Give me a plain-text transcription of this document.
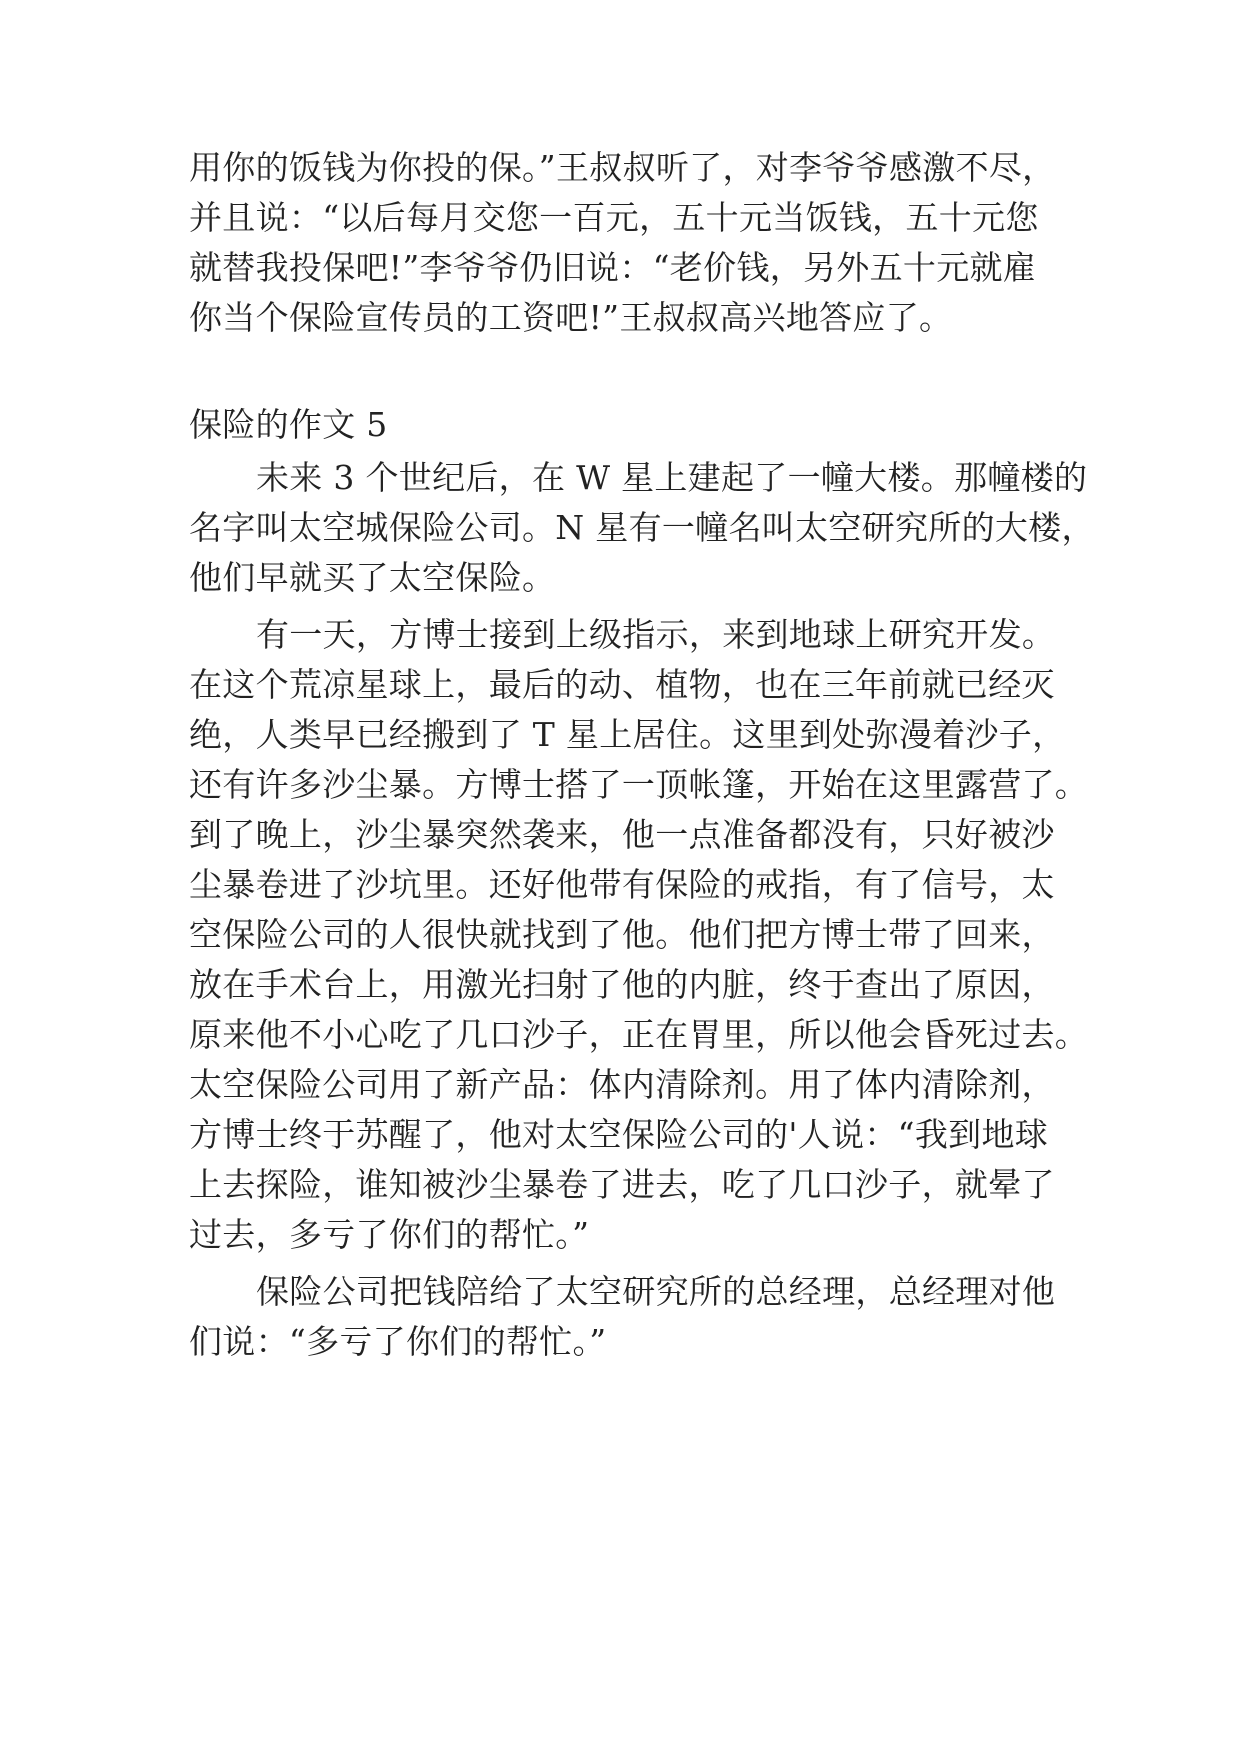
用你的饭钱为你投的保。”王叔叔听了，对李爷爷感激不尽，
并且说：“以后每月交您一百元，五十元当饭钱，五十元您
就替我投保吧!”李爷爷仍旧说：“老价钱，另外五十元就雇
你当个保险宣传员的工资吧!”王叔叔高兴地答应了。
保险的作文 5
未来 3 个世纪后，在 W 星上建起了一幢大楼。那幢楼的
名字叫太空城保险公司。N 星有一幢名叫太空研究所的大楼，
他们早就买了太空保险。
有一天，方博士接到上级指示，来到地球上研究开发。
在这个荒凉星球上，最后的动、植物，也在三年前就已经灭
绝，人类早已经搬到了 T 星上居住。这里到处弥漫着沙子，
还有许多沙尘暴。方博士搭了一顶帐篷，开始在这里露营了。
到了晚上，沙尘暴突然袭来，他一点准备都没有，只好被沙
尘暴卷进了沙坑里。还好他带有保险的戒指，有了信号，太
空保险公司的人很快就找到了他。他们把方博士带了回来，
放在手术台上，用激光扫射了他的内脏，终于查出了原因，
原来他不小心吃了几口沙子，正在胃里，所以他会昏死过去。
太空保险公司用了新产品：体内清除剂。用了体内清除剂，
方博士终于苏醒了，他对太空保险公司的'人说：“我到地球
上去探险，谁知被沙尘暴卷了进去，吃了几口沙子，就晕了
过去，多亏了你们的帮忙。”
保险公司把钱陪给了太空研究所的总经理，总经理对他
们说：“多亏了你们的帮忙。”
